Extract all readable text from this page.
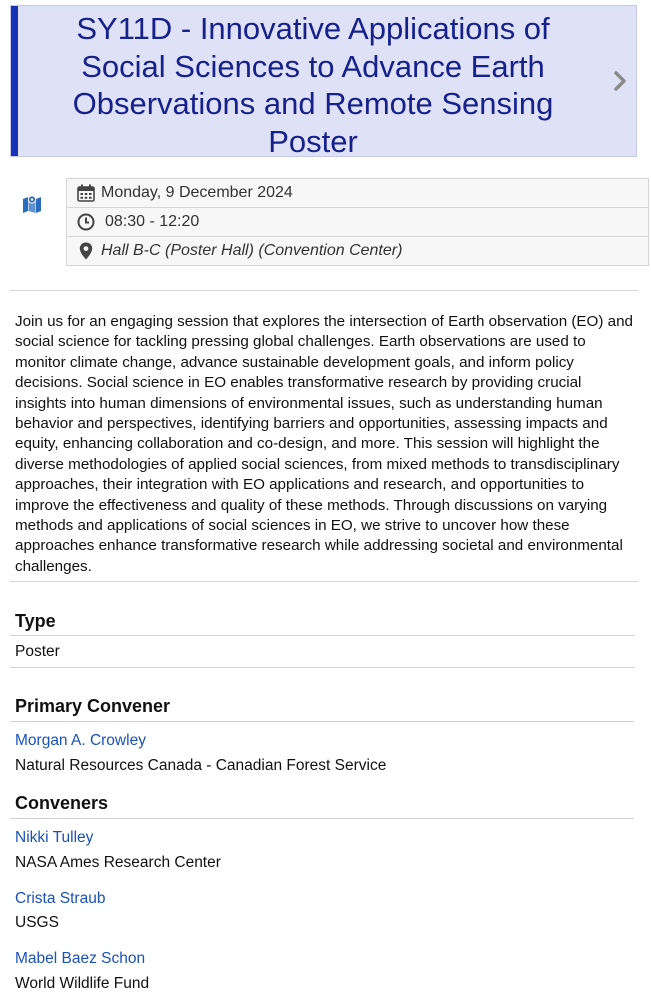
SY11D - Innovative Applications of Social Sciences to Advance Earth Observations and Remote Sensing Poster
Monday, 9 December 2024
08:30 - 12:20
Hall B-C (Poster Hall) (Convention Center)

Join us for an engaging session that explores the intersection of Earth observation (EO) and social science for tackling pressing global challenges. Earth observations are used to monitor climate change, advance sustainable development goals, and inform policy decisions. Social science in EO enables transformative research by providing crucial insights into human dimensions of environmental issues, such as understanding human behavior and perspectives, identifying barriers and opportunities, assessing impacts and equity, enhancing collaboration and co-design, and more. This session will highlight the diverse methodologies of applied social sciences, from mixed methods to transdisciplinary approaches, their integration with EO applications and research, and opportunities to improve the effectiveness and quality of these methods. Through discussions on varying methods and applications of social sciences in EO, we strive to uncover how these approaches enhance transformative research while addressing societal and environmental challenges.

Type

Poster

Primary Convener
Morgan A. Crowley

Natural Resources Canada - Canadian Forest Service

Conveners
Nikki Tulley

NASA Ames Research Center

Crista Straub

USGS

Mabel Baez Schon

World Wildlife Fund
